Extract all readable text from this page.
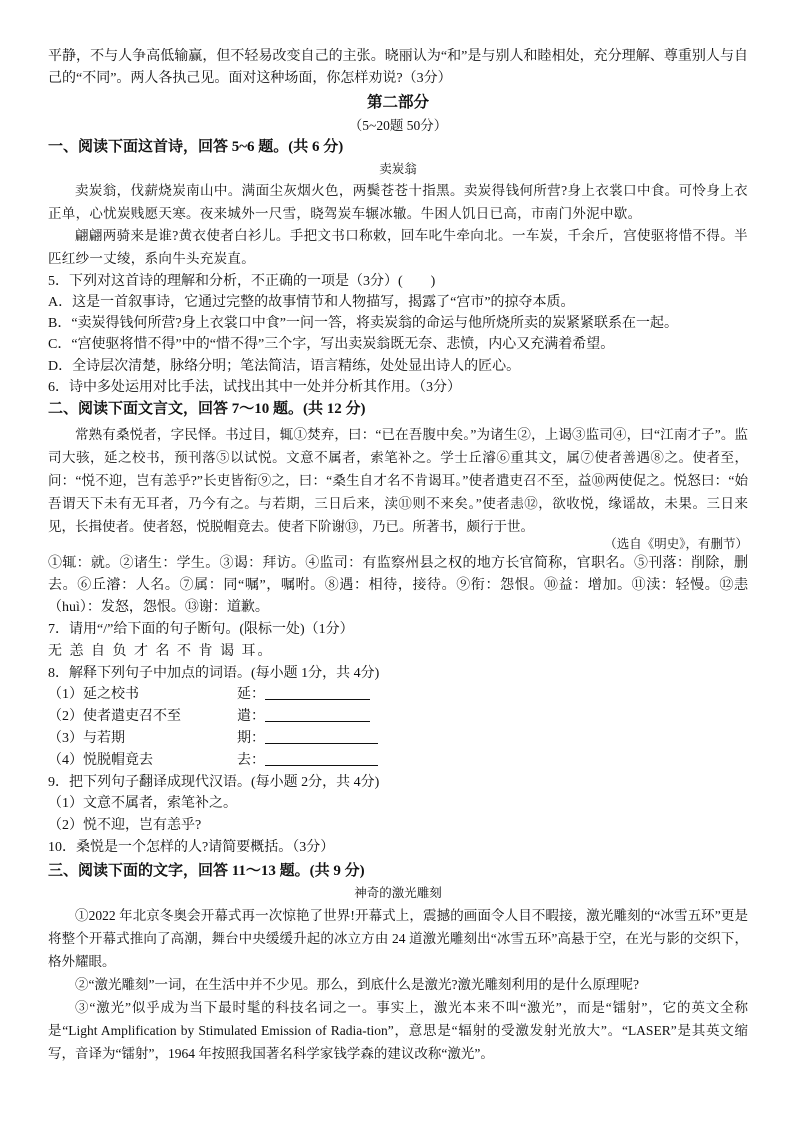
平静，不与人争高低输赢，但不轻易改变自己的主张。晓丽认为“和”是与别人和睦相处，充分理解、尊重别人与自己的“不同”。两人各执己见。面对这种场面，你怎样劝说?（3分）

第二部分

（5~20题 50分）

一、阅读下面这首诗，回答 5~6 题。(共 6 分)

卖炭翁

卖炭翁，伐薪烧炭南山中。满面尘灰烟火色，两鬓苍苍十指黑。卖炭得钱何所营?身上衣裳口中食。可怜身上衣正单，心忧炭贱愿天寒。夜来城外一尺雪，晓驾炭车辗冰辙。牛困人饥日已高，市南门外泥中歇。

翩翩两骑来是谁?黄衣使者白衫儿。手把文书口称敕，回车叱牛牵向北。一车炭，千余斤，宫使驱将惜不得。半匹红纱一丈绫，系向牛头充炭直。

5．下列对这首诗的理解和分析，不正确的一项是（3分）(　　)

A．这是一首叙事诗，它通过完整的故事情节和人物描写，揭露了“宫市”的掠夺本质。

B．“卖炭得钱何所营?身上衣裳口中食”一问一答，将卖炭翁的命运与他所烧所卖的炭紧紧联系在一起。

C．“宫使驱将惜不得”中的“惜不得”三个字，写出卖炭翁既无奈、悲愤，内心又充满着希望。

D．全诗层次清楚，脉络分明；笔法简洁，语言精练，处处显出诗人的匠心。

6．诗中多处运用对比手法，试找出其中一处并分析其作用。（3分）

二、阅读下面文言文，回答 7～10 题。(共 12 分)

常熟有桑悦者，字民怿。书过目，辄①焚弃，曰：“已在吾腹中矣。”为诸生②，上谒③监司④，曰“江南才子”。监司大骇，延之校书，预刊落⑤以试悦。文意不属者，索笔补之。学士丘濬⑥重其文，属⑦使者善遇⑧之。使者至，问：“悦不迎，岂有恙乎?”长吏皆衔⑨之，曰：“桑生自才名不肯谒耳。”使者遣吏召不至，益⑩两使促之。悦怒曰：“始吾谓天下未有无耳者，乃今有之。与若期，三日后来，渎⑪则不来矣。”使者恚⑫，欲收悦，缘谣故，未果。三日来见，长揖使者。使者怒，悦脱帽竟去。使者下阶谢⑬，乃已。所著书，颇行于世。

（选自《明史》，有删节）

①辄：就。②诸生：学生。③谒：拜访。④监司：有监察州县之权的地方长官简称，官职名。⑤刊落：削除，删去。⑥丘濬：人名。⑦属：同“嘱”，嘱咐。⑧遇：相待，接待。⑨衔：怨恨。⑩益：增加。⑪渎：轻慢。⑫恚（huì）：发怒，怨恨。⑬谢：道歉。

7．请用“/”给下面的句子断句。(限标一处)（1分）

无 恙 自 负 才 名 不 肯 谒 耳。

8．解释下列句子中加点的词语。(每小题 1分，共 4分)

（1）延之校书	延：
（2）使者遣吏召不至	遣：
（3）与若期	期：
（4）悦脱帽竟去	去：

9．把下列句子翻译成现代汉语。(每小题 2分，共 4分)

（1）文意不属者，索笔补之。

（2）悦不迎，岂有恙乎?

10．桑悦是一个怎样的人?请简要概括。（3分）

三、阅读下面的文字，回答 11～13 题。(共 9 分)

神奇的激光雕刻

①2022 年北京冬奥会开幕式再一次惊艳了世界!开幕式上，震撼的画面令人目不暇接，激光雕刻的“冰雪五环”更是将整个开幕式推向了高潮，舞台中央缓缓升起的冰立方由 24 道激光雕刻出“冰雪五环”高悬于空，在光与影的交织下，格外耀眼。

②“激光雕刻”一词，在生活中并不少见。那么，到底什么是激光?激光雕刻利用的是什么原理呢?

③“激光”似乎成为当下最时髦的科技名词之一。事实上，激光本来不叫“激光”，而是“镭射”，它的英文全称是“Light Amplification by Stimulated Emission of Radia-tion”，意思是“辐射的受激发射光放大”。“LASER”是其英文缩写，音译为“镭射”，1964 年按照我国著名科学家钱学森的建议改称“激光”。
